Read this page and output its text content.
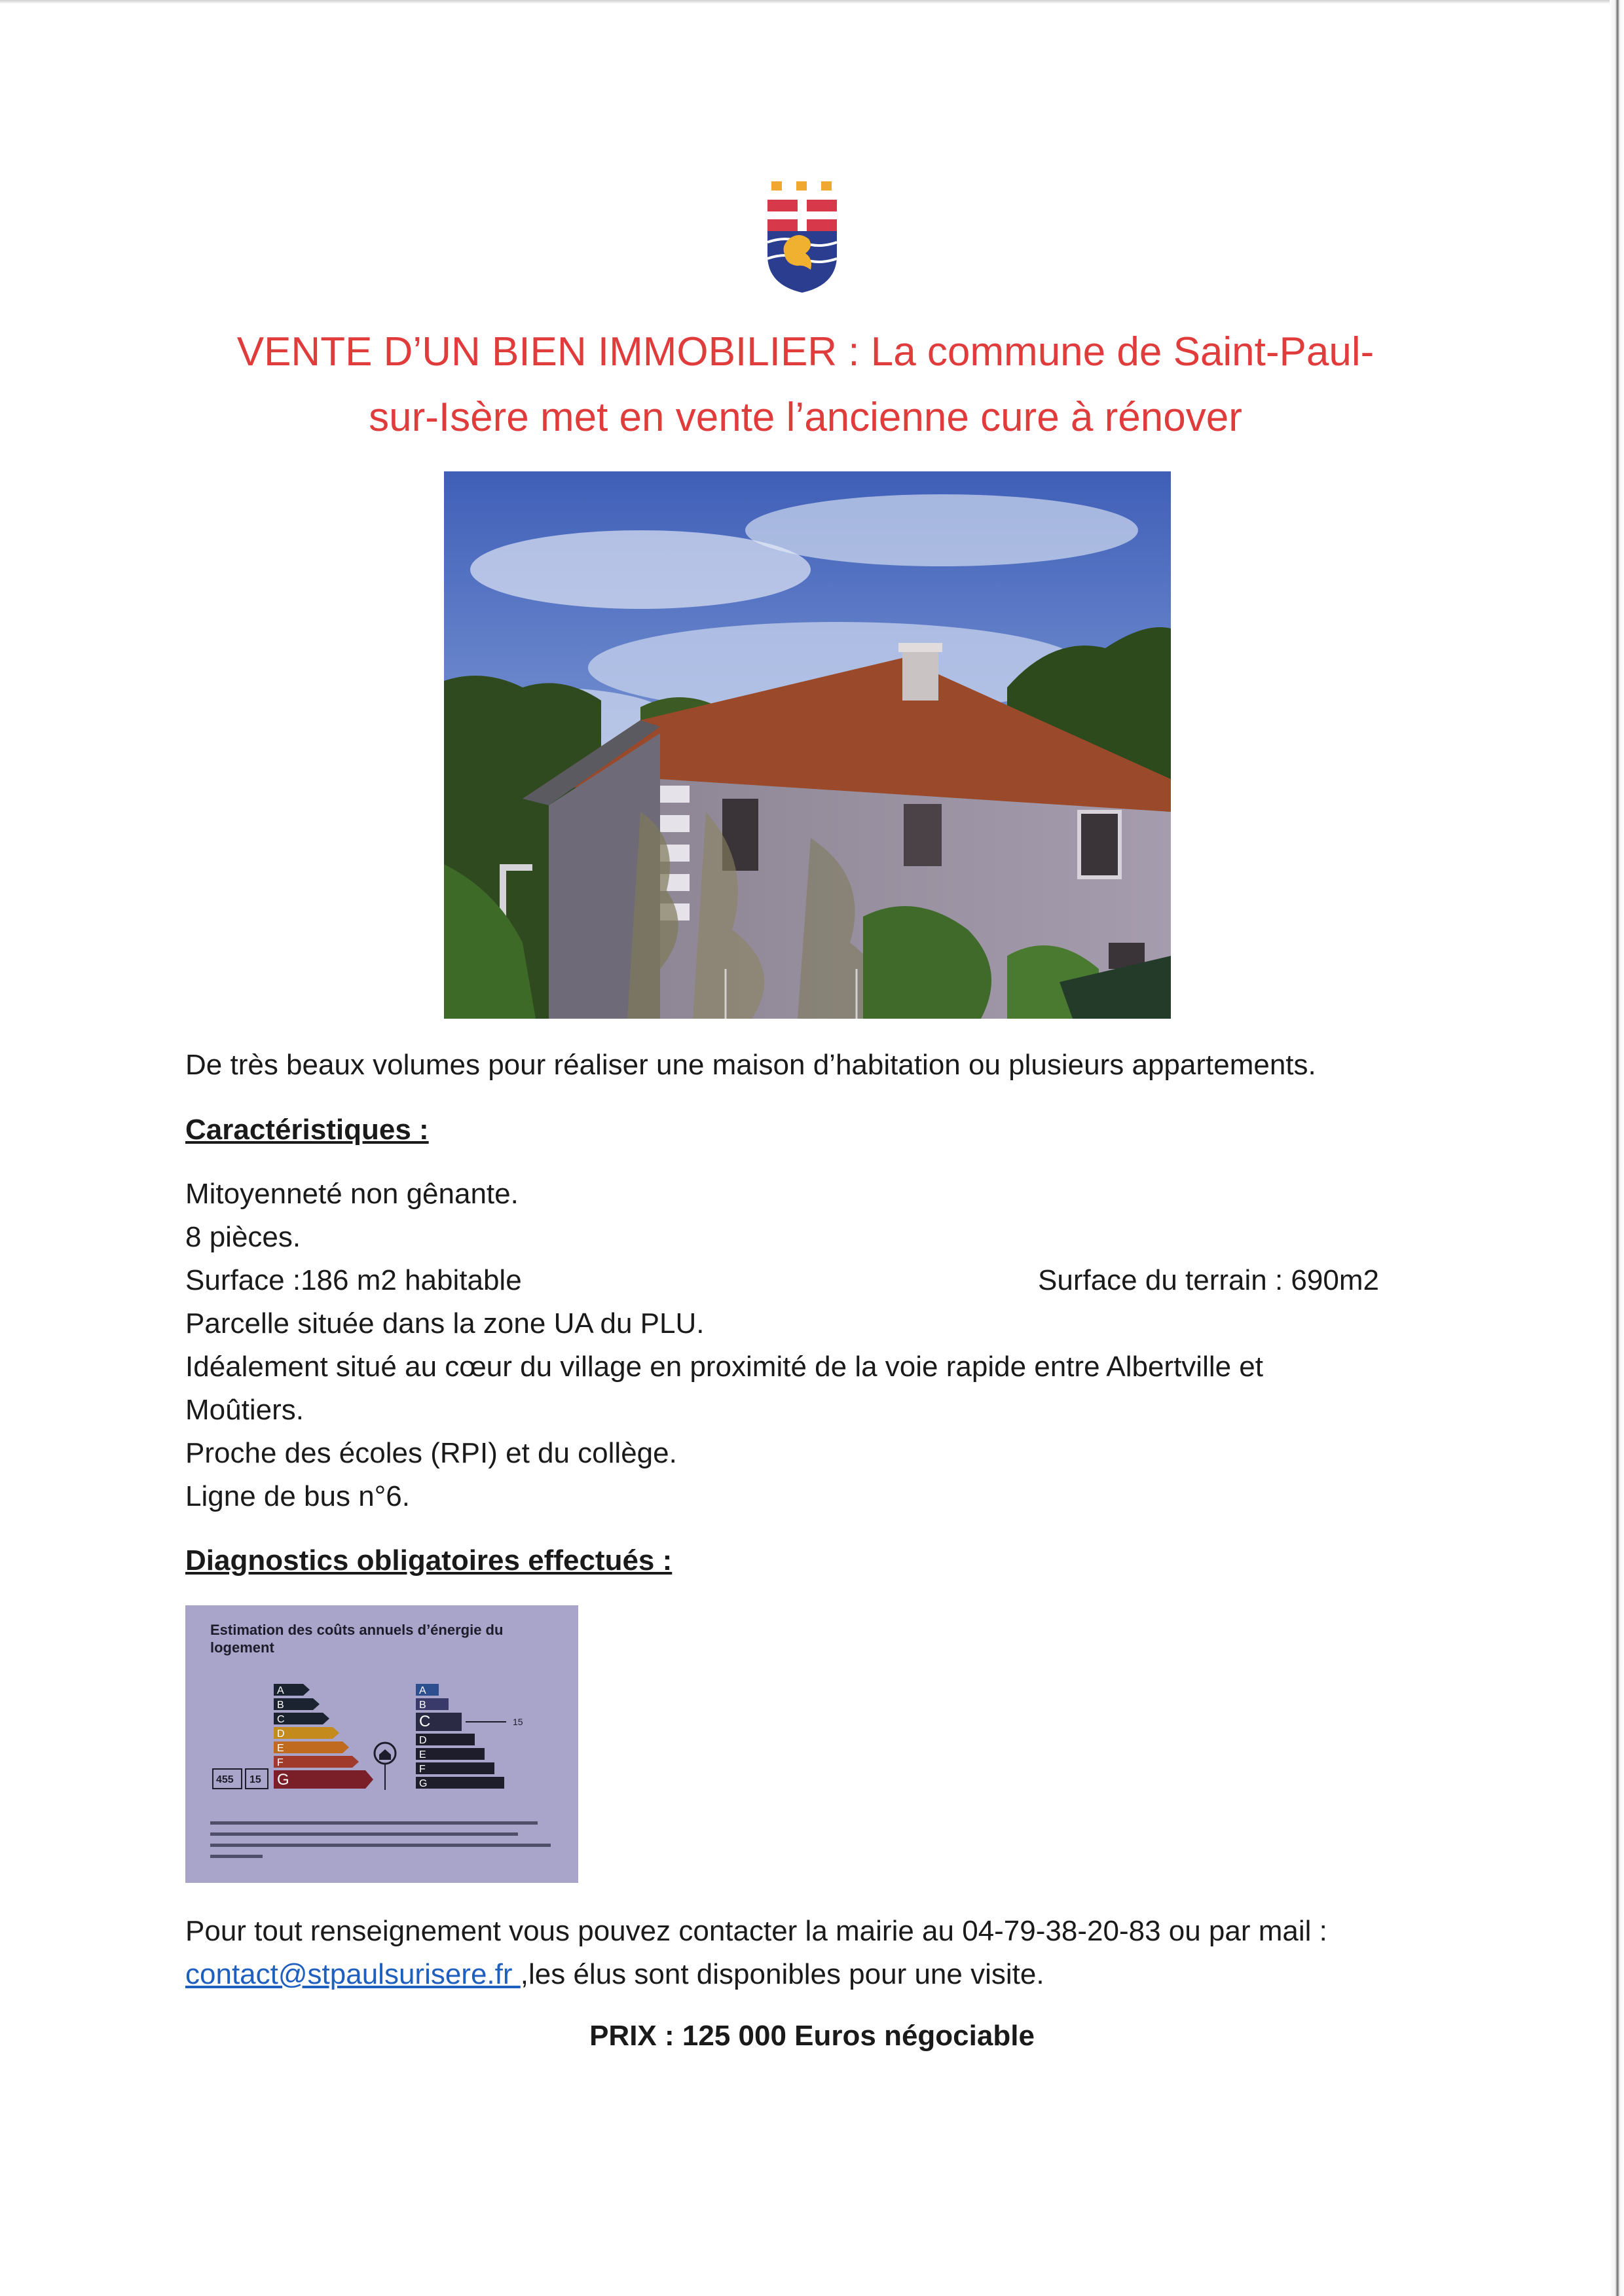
VENTE D’UN BIEN IMMOBILIER : La commune de Saint-Paul-
sur-Isère met en vente l’ancienne cure à rénover

De très beaux volumes pour réaliser une maison d’habitation ou plusieurs appartements.

Caractéristiques :

Mitoyenneté non gênante.

8 pièces.

Surface :186 m2 habitable	Surface du terrain : 690m2

Parcelle située dans la zone UA du PLU.

Idéalement situé au cœur du village en proximité de la voie rapide entre Albertville et

Moûtiers.

Proche des écoles (RPI) et du collège.

Ligne de bus n°6.

Diagnostics obligatoires effectués :

Estimation des coûts annuels d’énergie du
logement
A
B
C
D
E
F
G
455 15
A
B
C
D
E
F
G
15

Pour tout renseignement vous pouvez contacter la mairie au 04-79-38-20-83 ou par mail :

contact@stpaulsurisere.fr ,les élus sont disponibles pour une visite.

PRIX : 125 000 Euros négociable
